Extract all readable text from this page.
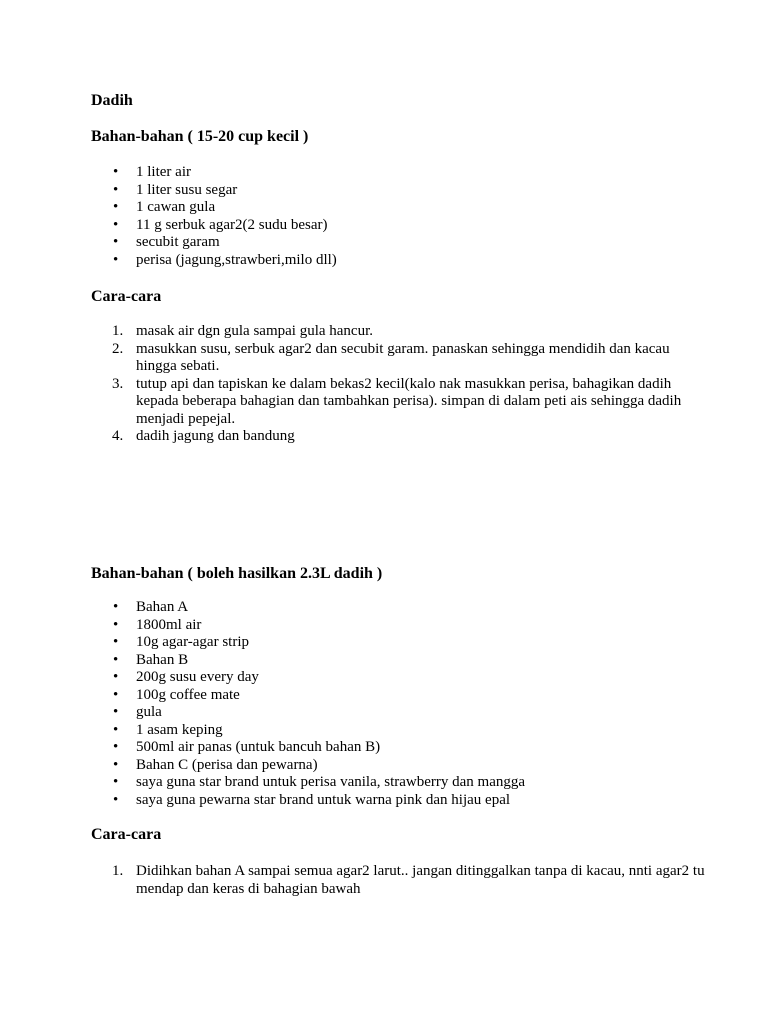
Dadih
Bahan-bahan ( 15-20 cup kecil )
• 1 liter air
• 1 liter susu segar
• 1 cawan gula
• 11 g serbuk agar2(2 sudu besar)
• secubit garam
• perisa (jagung,strawberi,milo dll)
Cara-cara
1. masak air dgn gula sampai gula hancur.
2. masukkan susu, serbuk agar2 dan secubit garam. panaskan sehingga mendidih dan kacau hingga sebati.
3. tutup api dan tapiskan ke dalam bekas2 kecil(kalo nak masukkan perisa, bahagikan dadih kepada beberapa bahagian dan tambahkan perisa). simpan di dalam peti ais sehingga dadih menjadi pepejal.
4. dadih jagung dan bandung
Bahan-bahan ( boleh hasilkan 2.3L dadih )
• Bahan A
• 1800ml air
• 10g agar-agar strip
• Bahan B
• 200g susu every day
• 100g coffee mate
• gula
• 1 asam keping
• 500ml air panas (untuk bancuh bahan B)
• Bahan C (perisa dan pewarna)
• saya guna star brand untuk perisa vanila, strawberry dan mangga
• saya guna pewarna star brand untuk warna pink dan hijau epal
Cara-cara
1. Didihkan bahan A sampai semua agar2 larut.. jangan ditinggalkan tanpa di kacau, nnti agar2 tu mendap dan keras di bahagian bawah
